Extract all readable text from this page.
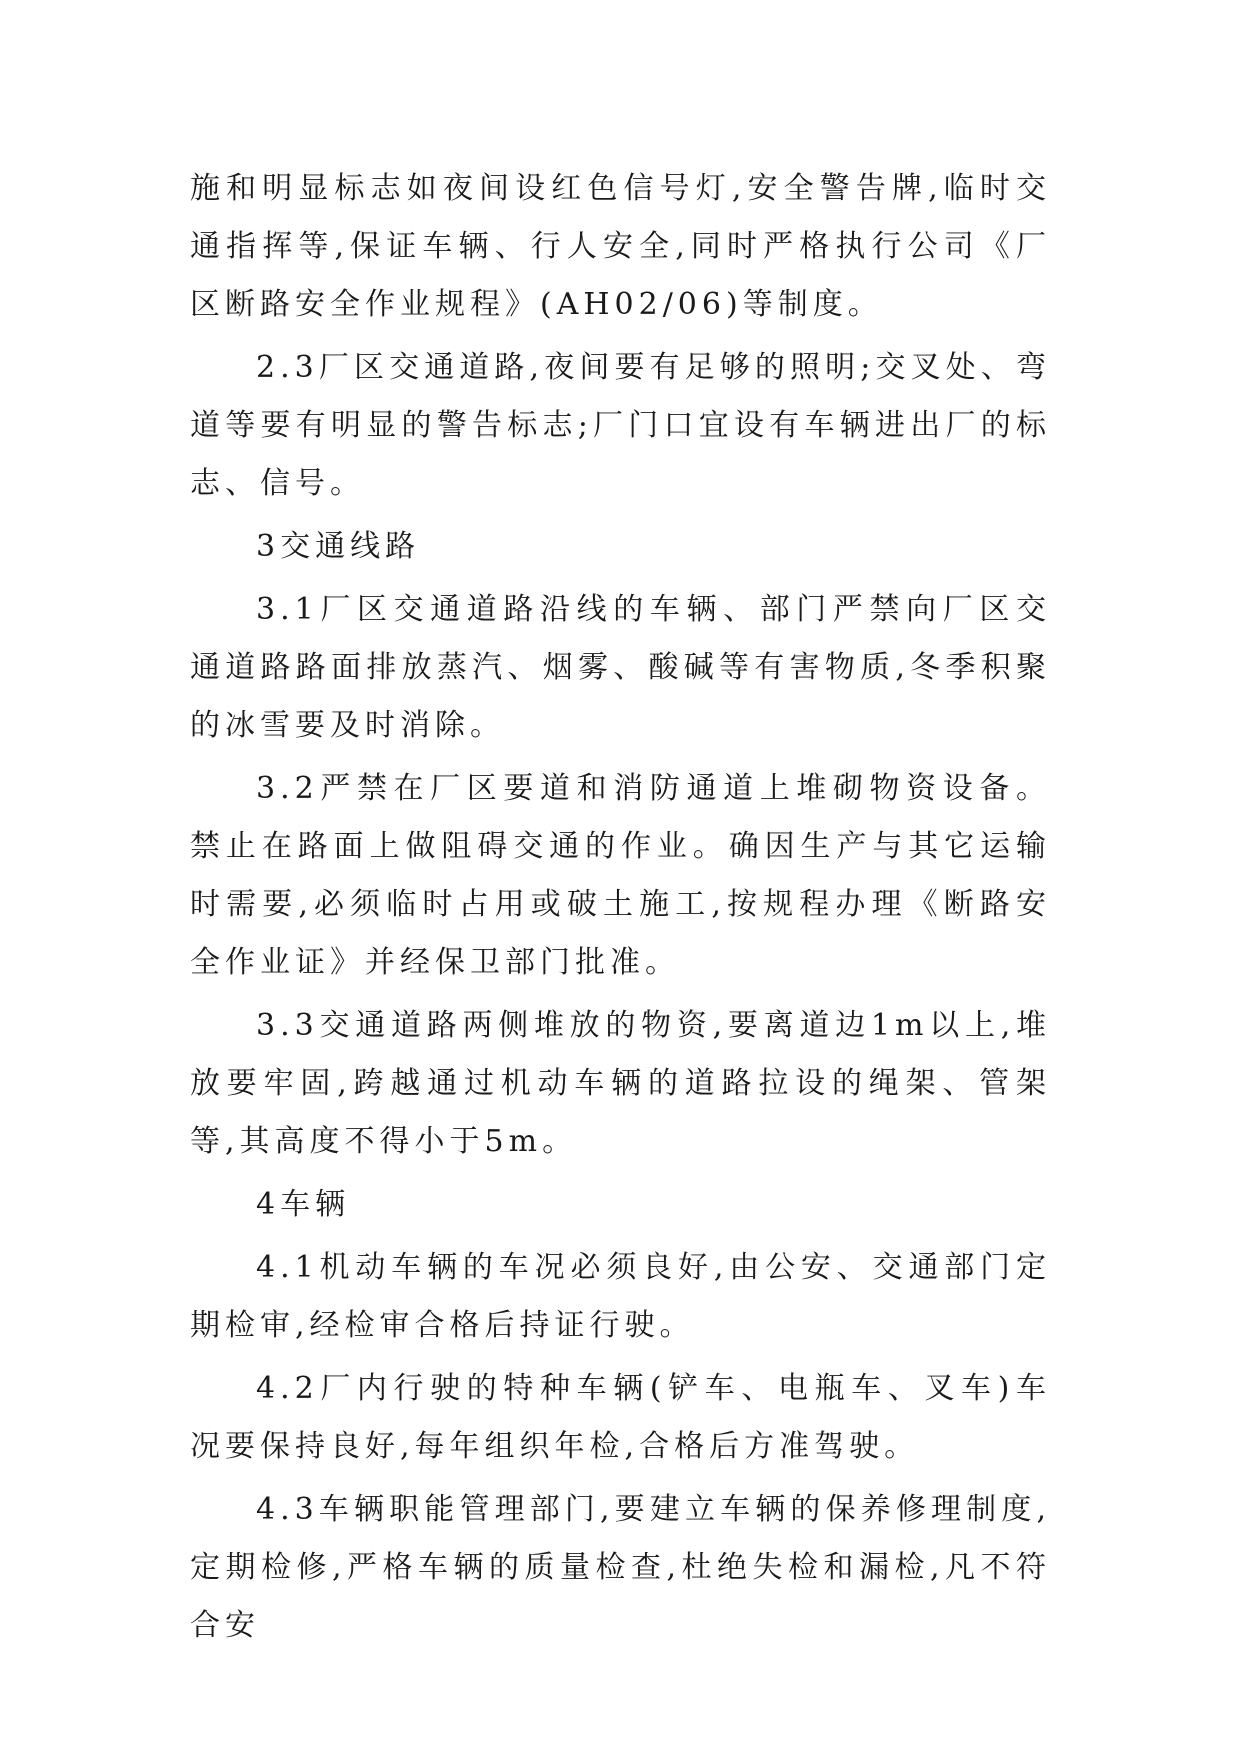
施和明显标志如夜间设红色信号灯,安全警告牌,临时交通指挥等,保证车辆、行人安全,同时严格执行公司《厂区断路安全作业规程》(AH02/06)等制度。

2.3厂区交通道路,夜间要有足够的照明;交叉处、弯道等要有明显的警告标志;厂门口宜设有车辆进出厂的标志、信号。

3交通线路

3.1厂区交通道路沿线的车辆、部门严禁向厂区交通道路路面排放蒸汽、烟雾、酸碱等有害物质,冬季积聚的冰雪要及时消除。

3.2严禁在厂区要道和消防通道上堆砌物资设备。禁止在路面上做阻碍交通的作业。确因生产与其它运输时需要,必须临时占用或破土施工,按规程办理《断路安全作业证》并经保卫部门批准。

3.3交通道路两侧堆放的物资,要离道边1m以上,堆放要牢固,跨越通过机动车辆的道路拉设的绳架、管架等,其高度不得小于5m。

4车辆

4.1机动车辆的车况必须良好,由公安、交通部门定期检审,经检审合格后持证行驶。

4.2厂内行驶的特种车辆(铲车、电瓶车、叉车)车况要保持良好,每年组织年检,合格后方准驾驶。

4.3车辆职能管理部门,要建立车辆的保养修理制度,定期检修,严格车辆的质量检查,杜绝失检和漏检,凡不符合安
